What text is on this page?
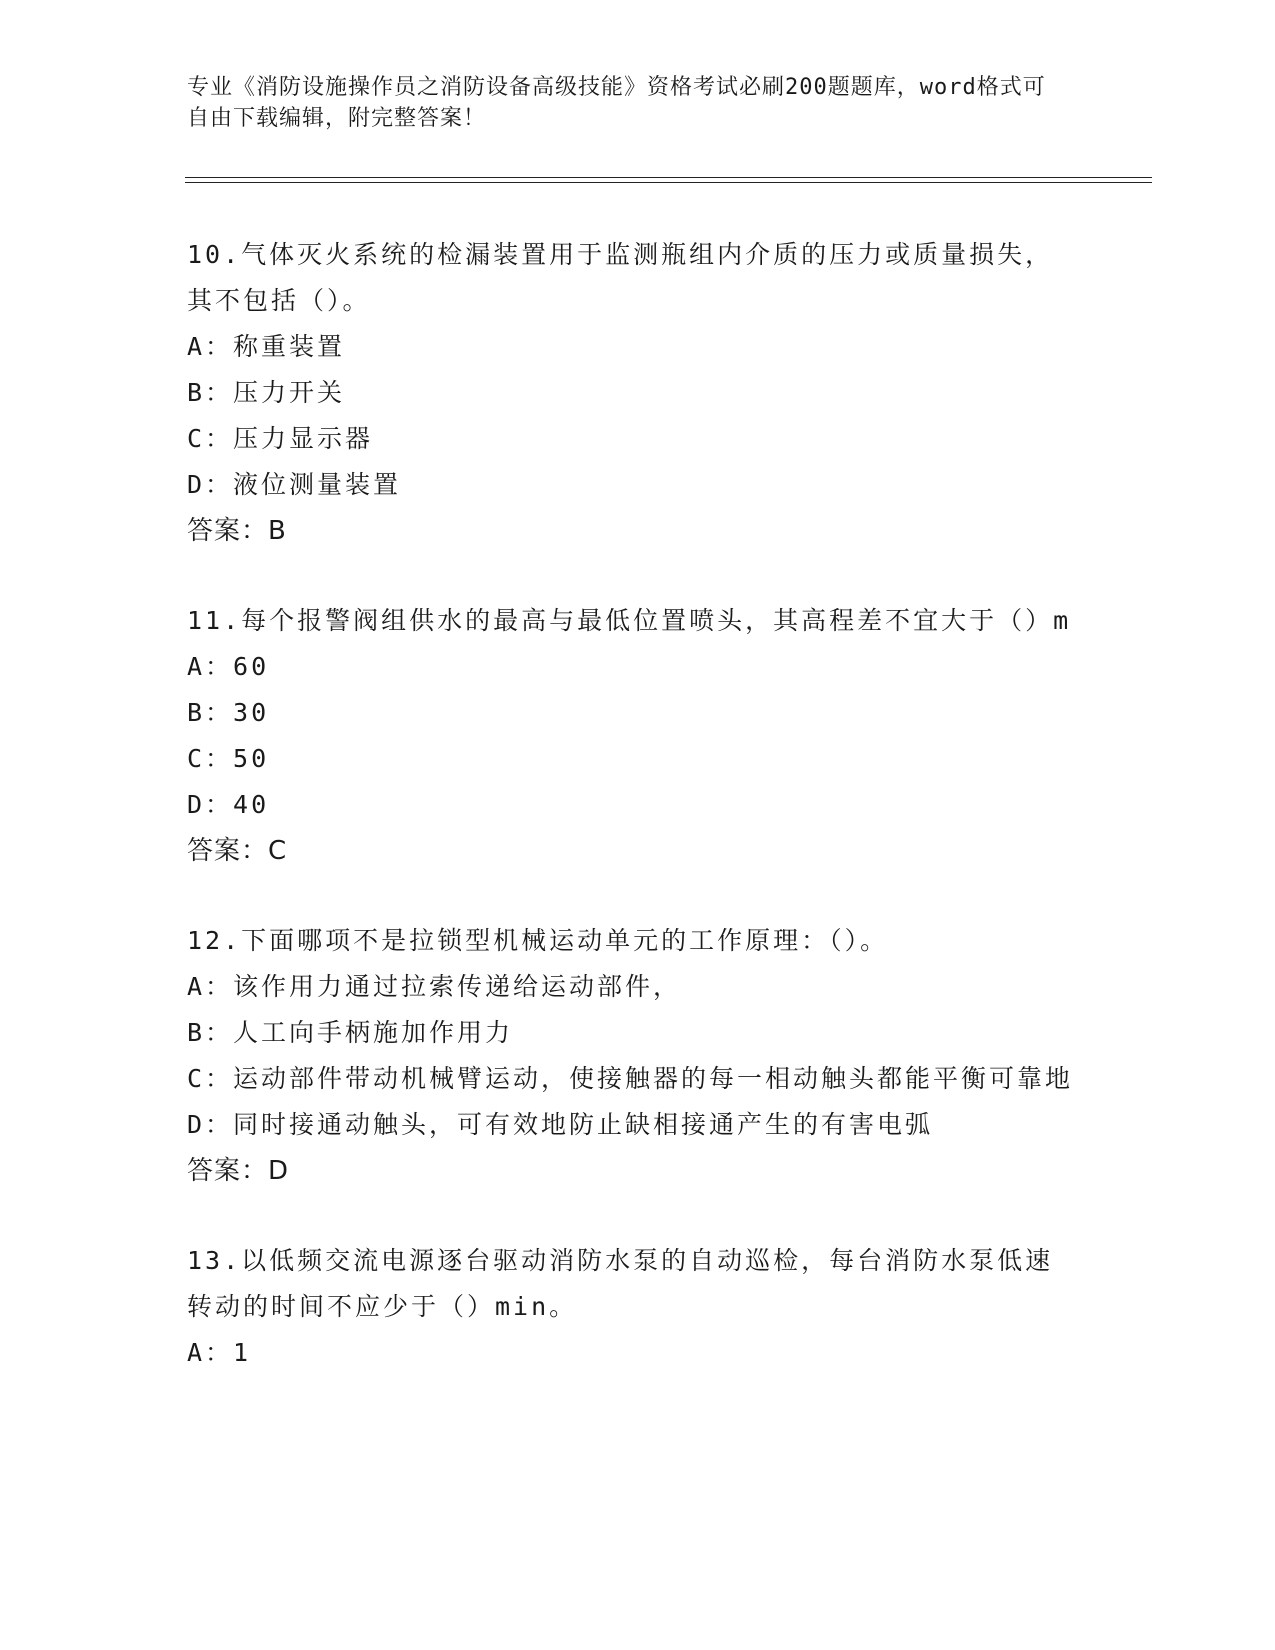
专业《消防设施操作员之消防设备高级技能》资格考试必刷200题题库，word格式可自由下载编辑，附完整答案！

10.气体灭火系统的检漏装置用于监测瓶组内介质的压力或质量损失，其不包括（）。

A：称重装置

B：压力开关

C：压力显示器

D：液位测量装置

答案：B

11.每个报警阀组供水的最高与最低位置喷头，其高程差不宜大于（）m

A：60

B：30

C：50

D：40

答案：C

12.下面哪项不是拉锁型机械运动单元的工作原理：（）。

A：该作用力通过拉索传递给运动部件，

B：人工向手柄施加作用力

C：运动部件带动机械臂运动，使接触器的每一相动触头都能平衡可靠地

D：同时接通动触头，可有效地防止缺相接通产生的有害电弧

答案：D

13.以低频交流电源逐台驱动消防水泵的自动巡检，每台消防水泵低速转动的时间不应少于（）min。

A：1
